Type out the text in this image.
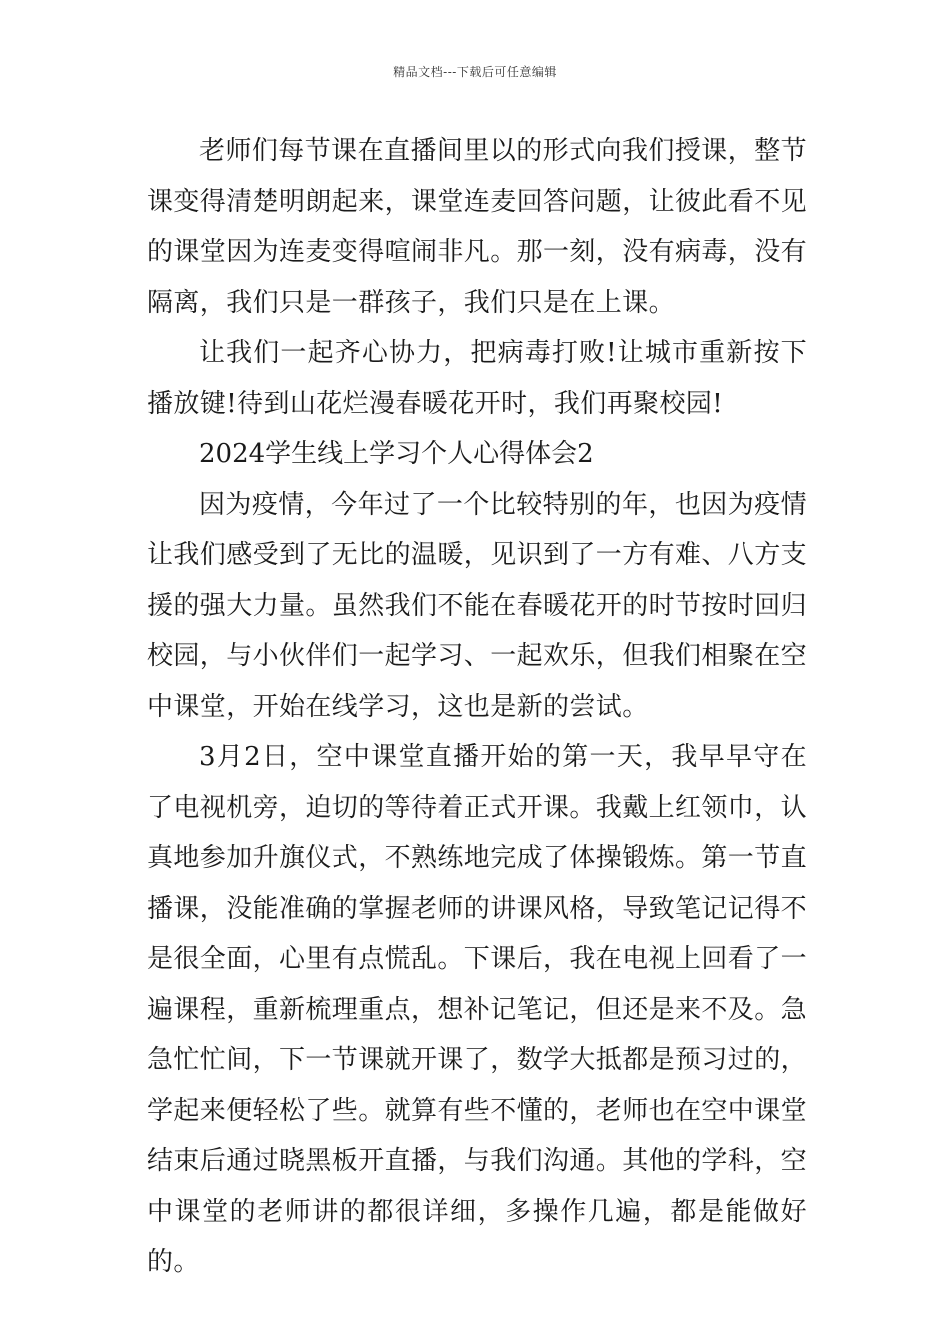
精品文档---下载后可任意编辑

老师们每节课在直播间里以的形式向我们授课，整节课变得清楚明朗起来，课堂连麦回答问题，让彼此看不见的课堂因为连麦变得喧闹非凡。那一刻，没有病毒，没有隔离，我们只是一群孩子，我们只是在上课。

让我们一起齐心协力，把病毒打败!让城市重新按下播放键!待到山花烂漫春暖花开时，我们再聚校园!

2024学生线上学习个人心得体会2

因为疫情，今年过了一个比较特别的年，也因为疫情让我们感受到了无比的温暖，见识到了一方有难、八方支援的强大力量。虽然我们不能在春暖花开的时节按时回归校园，与小伙伴们一起学习、一起欢乐，但我们相聚在空中课堂，开始在线学习，这也是新的尝试。

3月2日，空中课堂直播开始的第一天，我早早守在了电视机旁，迫切的等待着正式开课。我戴上红领巾，认真地参加升旗仪式，不熟练地完成了体操锻炼。第一节直播课，没能准确的掌握老师的讲课风格，导致笔记记得不是很全面，心里有点慌乱。下课后，我在电视上回看了一遍课程，重新梳理重点，想补记笔记，但还是来不及。急急忙忙间，下一节课就开课了，数学大抵都是预习过的，学起来便轻松了些。就算有些不懂的，老师也在空中课堂结束后通过晓黑板开直播，与我们沟通。其他的学科，空中课堂的老师讲的都很详细，多操作几遍，都是能做好的。
